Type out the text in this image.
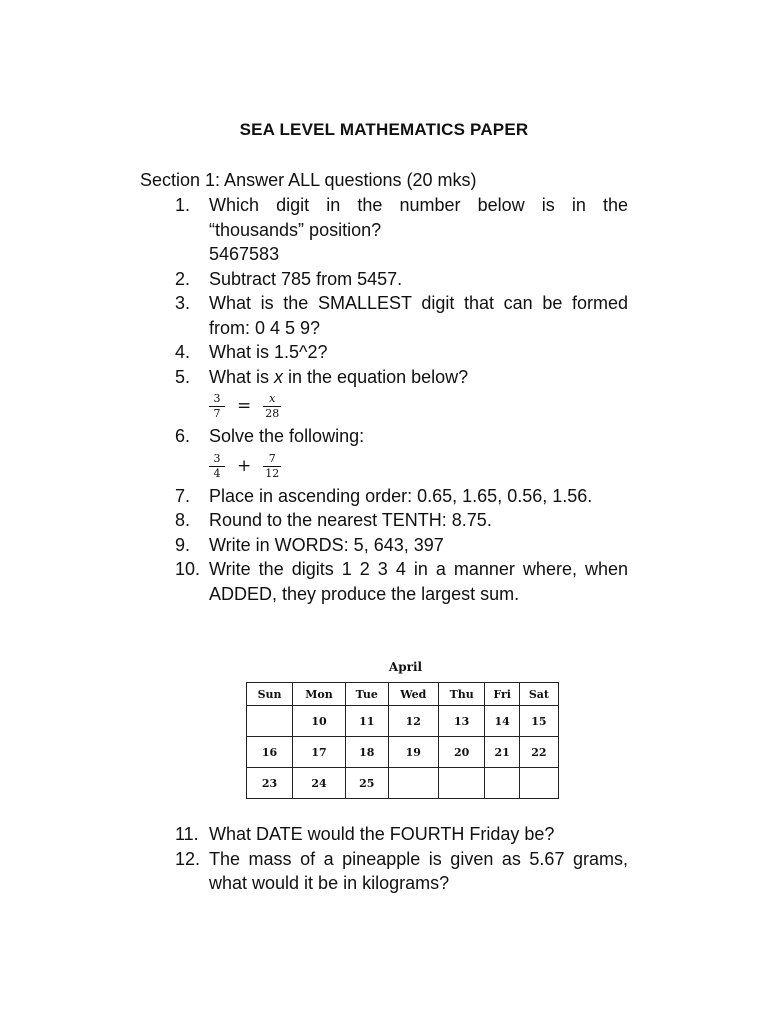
SEA LEVEL MATHEMATICS PAPER
Section 1: Answer ALL questions (20 mks)
1.	Which digit in the number below is in the “thousands” position?
5467583
2.	Subtract 785 from 5457.
3.	What is the SMALLEST digit that can be formed from: 0 4 5 9?
4.	What is 1.5^2?
5.	What is x in the equation below?
$\frac{3}{7} = \frac{x}{28}$
6.	Solve the following:
$\frac{3}{4} + \frac{7}{12}$
7.	Place in ascending order: 0.65, 1.65, 0.56, 1.56.
8.	Round to the nearest TENTH: 8.75.
9.	Write in WORDS: 5, 643, 397
10. Write the digits 1 2 3 4 in a manner where, when ADDED, they produce the largest sum.
April
Sun	Mon	Tue	Wed	Thu	Fri	Sat
	10	11	12	13	14	15
16	17	18	19	20	21	22
23	24	25				
11. What DATE would the FOURTH Friday be?
12. The mass of a pineapple is given as 5.67 grams, what would it be in kilograms?
